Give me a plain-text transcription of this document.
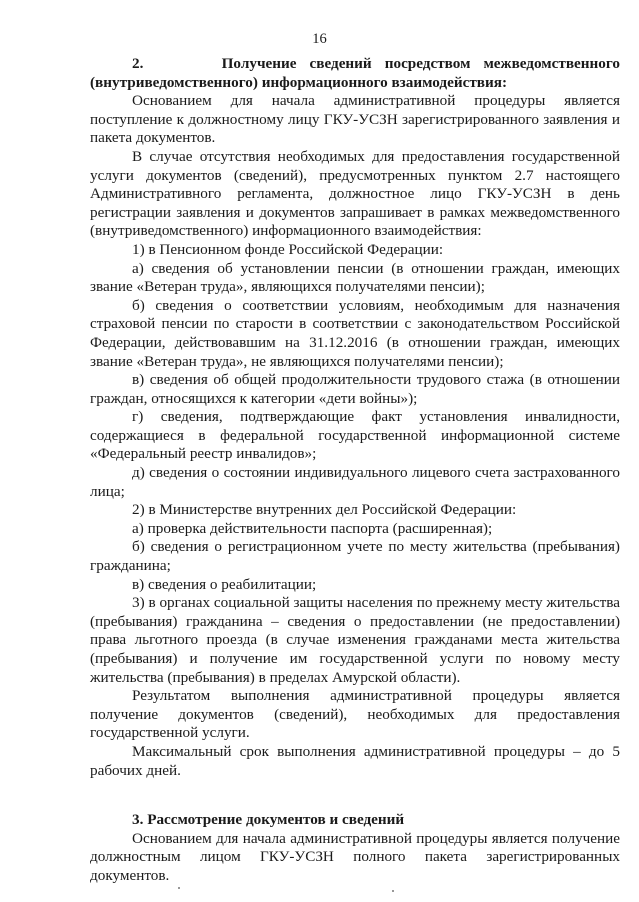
16

2.      Получение сведений посредством межведомственного (внутриведомственного) информационного взаимодействия:

Основанием для начала административной процедуры является поступление к должностному лицу ГКУ-УСЗН зарегистрированного заявления и пакета документов.

В случае отсутствия необходимых для предоставления государственной услуги документов (сведений), предусмотренных пунктом 2.7 настоящего Административного регламента, должностное лицо ГКУ-УСЗН в день регистрации заявления и документов запрашивает в рамках межведомственного (внутриведомственного) информационного взаимодействия:

1) в Пенсионном фонде Российской Федерации:

а) сведения об установлении пенсии (в отношении граждан, имеющих звание «Ветеран труда», являющихся получателями пенсии);

б) сведения о соответствии условиям, необходимым для назначения страховой пенсии по старости в соответствии с законодательством Российской Федерации, действовавшим на 31.12.2016 (в отношении граждан, имеющих звание «Ветеран труда», не являющихся получателями пенсии);

в) сведения об общей продолжительности трудового стажа (в отношении граждан, относящихся к категории «дети войны»);

г) сведения, подтверждающие факт установления инвалидности, содержащиеся в федеральной государственной информационной системе «Федеральный реестр инвалидов»;

д) сведения о состоянии индивидуального лицевого счета застрахованного лица;

2) в Министерстве внутренних дел Российской Федерации:

а) проверка действительности паспорта (расширенная);

б) сведения о регистрационном учете по месту жительства (пребывания) гражданина;

в) сведения о реабилитации;

3) в органах социальной защиты населения по прежнему месту жительства (пребывания) гражданина – сведения о предоставлении (не предоставлении) права льготного проезда (в случае изменения гражданами места жительства (пребывания) и получение им государственной услуги по новому месту жительства (пребывания) в пределах Амурской области).

Результатом выполнения административной процедуры является получение документов (сведений), необходимых для предоставления государственной услуги.

Максимальный срок выполнения административной процедуры – до 5 рабочих дней.

3. Рассмотрение документов и сведений

Основанием для начала административной процедуры является получение должностным лицом ГКУ-УСЗН полного пакета зарегистрированных документов.
